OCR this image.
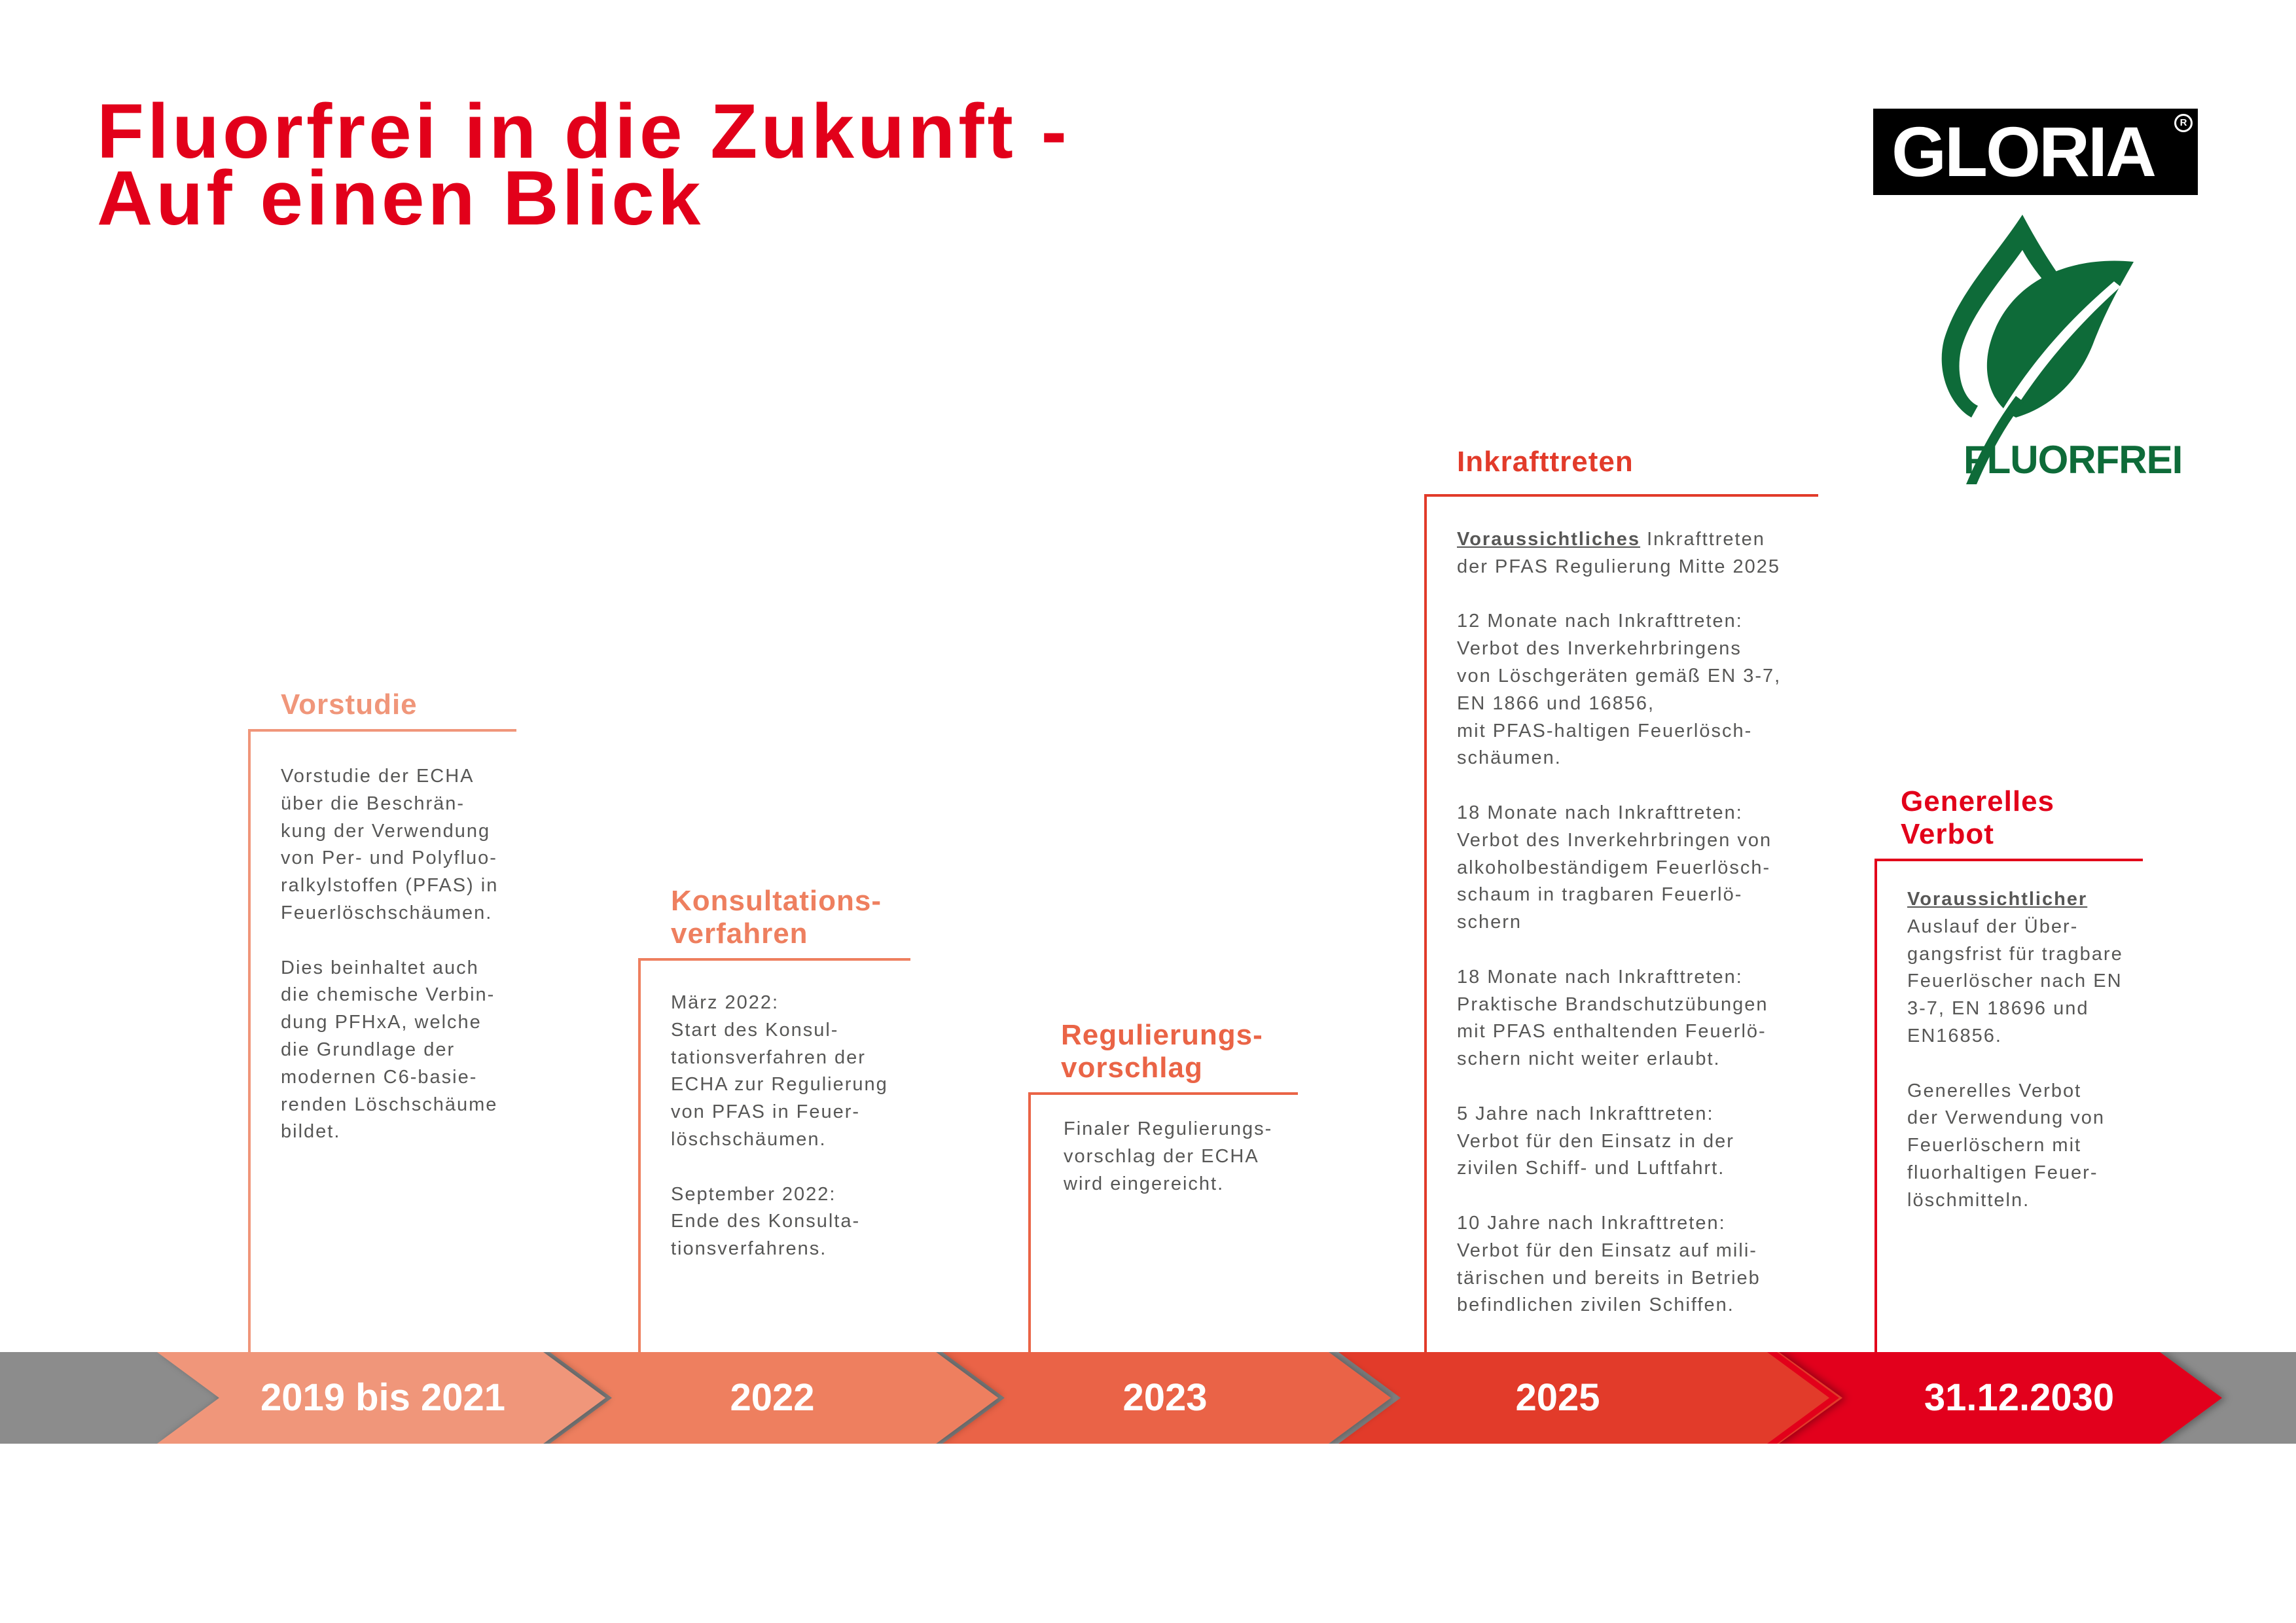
Fluorfrei in die Zukunft -
Auf einen Blick
GLORIA	R
FLUORFREI
Vorstudie

Vorstudie der ECHA

über die Beschrän-

kung der Verwendung

von Per- und Polyfluo-

ralkylstoffen (PFAS) in

Feuerlöschschäumen.

Dies beinhaltet auch

die chemische Verbin-

dung PFHxA, welche

die Grundlage der

modernen C6-basie-

renden Löschschäume

bildet.

Konsultations-
verfahren

März 2022:

Start des Konsul-

tationsverfahren der

ECHA zur Regulierung

von PFAS in Feuer-

löschschäumen.

September 2022:

Ende des Konsulta-

tionsverfahrens.

Regulierungs-
vorschlag

Finaler Regulierungs-

vorschlag der ECHA

wird eingereicht.

Inkrafttreten

Voraussichtliches Inkrafttreten

der PFAS Regulierung Mitte 2025

12 Monate nach Inkrafttreten:

Verbot des Inverkehrbringens

von Löschgeräten gemäß EN 3-7,

EN 1866 und 16856,

mit PFAS-haltigen Feuerlösch-

schäumen.

18 Monate nach Inkrafttreten:

Verbot des Inverkehrbringen von

alkoholbeständigem Feuerlösch-

schaum in tragbaren Feuerlö-

schern

18 Monate nach Inkrafttreten:

Praktische Brandschutzübungen

mit PFAS enthaltenden Feuerlö-

schern nicht weiter erlaubt.

5 Jahre nach Inkrafttreten:

Verbot für den Einsatz in der

zivilen Schiff- und Luftfahrt.

10 Jahre nach Inkrafttreten:

Verbot für den Einsatz auf mili-

tärischen und bereits in Betrieb

befindlichen zivilen Schiffen.

Generelles
Verbot

Voraussichtlicher

Auslauf der Über-

gangsfrist für tragbare

Feuerlöscher nach EN

3-7, EN 18696 und

EN16856.

Generelles Verbot

der Verwendung von

Feuerlöschern mit

fluorhaltigen Feuer-

löschmitteln.

2019 bis 2021	2022	2023	2025	31.12.2030
